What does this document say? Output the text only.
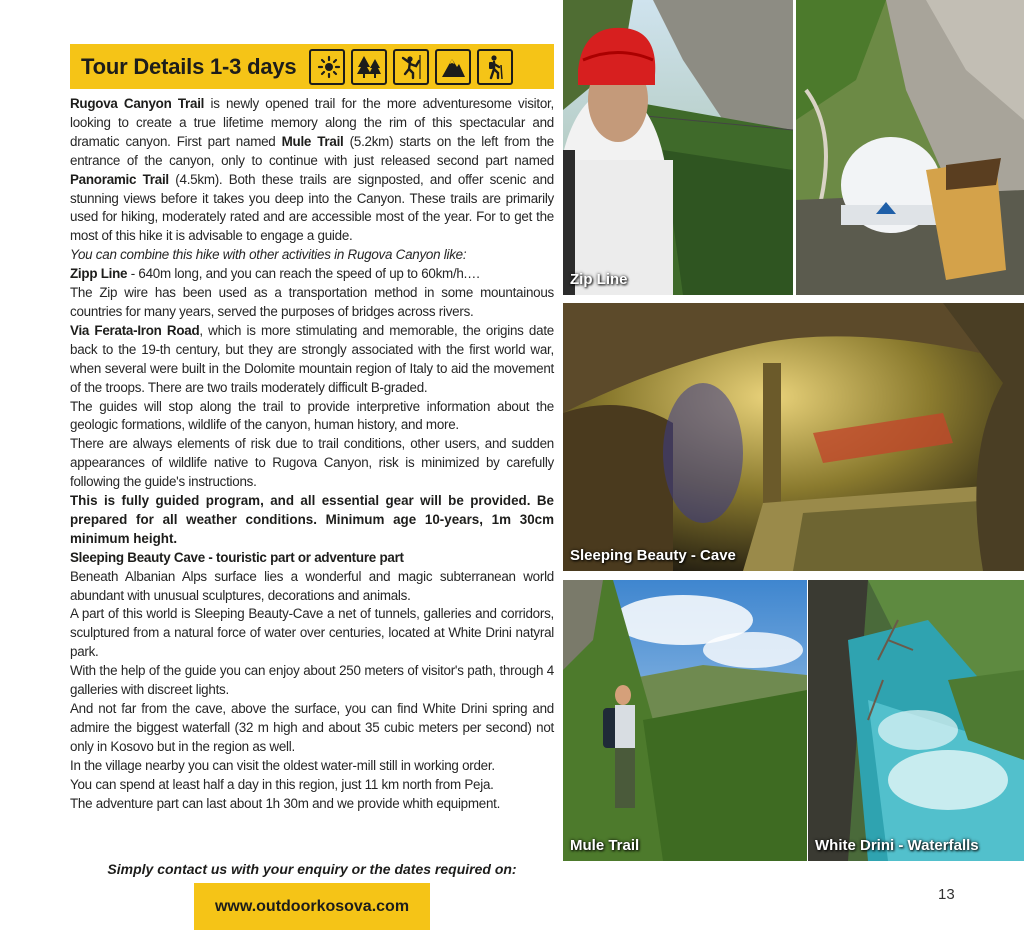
Tour Details 1-3 days

Rugova Canyon Trail is newly opened trail for the more adventuresome visitor, looking to create a true lifetime memory along the rim of this spectacular and dramatic canyon. First part named Mule Trail (5.2km) starts on the left from the entrance of the canyon, only to continue with just released second part named Panoramic Trail (4.5km). Both these trails are signposted, and offer scenic and stunning views before it takes you deep into the Canyon. These trails are primarily used for hiking, moderately rated and are accessible most of the year. For to get the most of this hike it is advisable to engage a guide.

You can combine this hike with other activities in Rugova Canyon like:

Zipp Line - 640m long, and you can reach the speed of up to 60km/h.…

The Zip wire has been used as a transportation method in some mountainous countries for many years, served the purposes of bridges across rivers.

Via Ferata-Iron Road, which is more stimulating and memorable, the origins date back to the 19-th century, but they are strongly associated with the first world war, when several were built in the Dolomite mountain region of Italy to aid the movement of the troops. There are two trails moderately difficult B-graded.

The guides will stop along the trail to provide interpretive information about the geologic formations, wildlife of the canyon, human history, and more.

There are always elements of risk due to trail conditions, other users, and sudden appearances of wildlife native to Rugova Canyon, risk is minimized by carefully following the guide's instructions.

This is fully guided program, and all essential gear will be provided. Be prepared for all weather conditions. Minimum age 10-years, 1m 30cm minimum height.

Sleeping Beauty Cave - touristic part or adventure part

Beneath Albanian Alps surface lies a wonderful and magic subterranean world abundant with unusual sculptures, decorations and animals.

A part of this world is Sleeping Beauty-Cave a net of tunnels, galleries and corridors, sculptured from a natural force of water over centuries, located at White Drini natyral park.

With the help of the guide you can enjoy about 250 meters of visitor's path, through 4 galleries with discreet lights.

And not far from the cave, above the surface, you can find White Drini spring and admire the biggest waterfall (32 m high and about 35 cubic meters per second) not only in Kosovo but in the region as well.

In the village nearby you can visit the oldest water-mill still in working order.

You can spend at least half a day in this region, just 11 km north from Peja.

The adventure part can last about 1h 30m and we provide whith equipment.

Simply contact us with your enquiry or the dates required on:
www.outdoorkosova.com
13
Zip Line
Sleeping Beauty - Cave
Mule Trail	White Drini - Waterfalls
